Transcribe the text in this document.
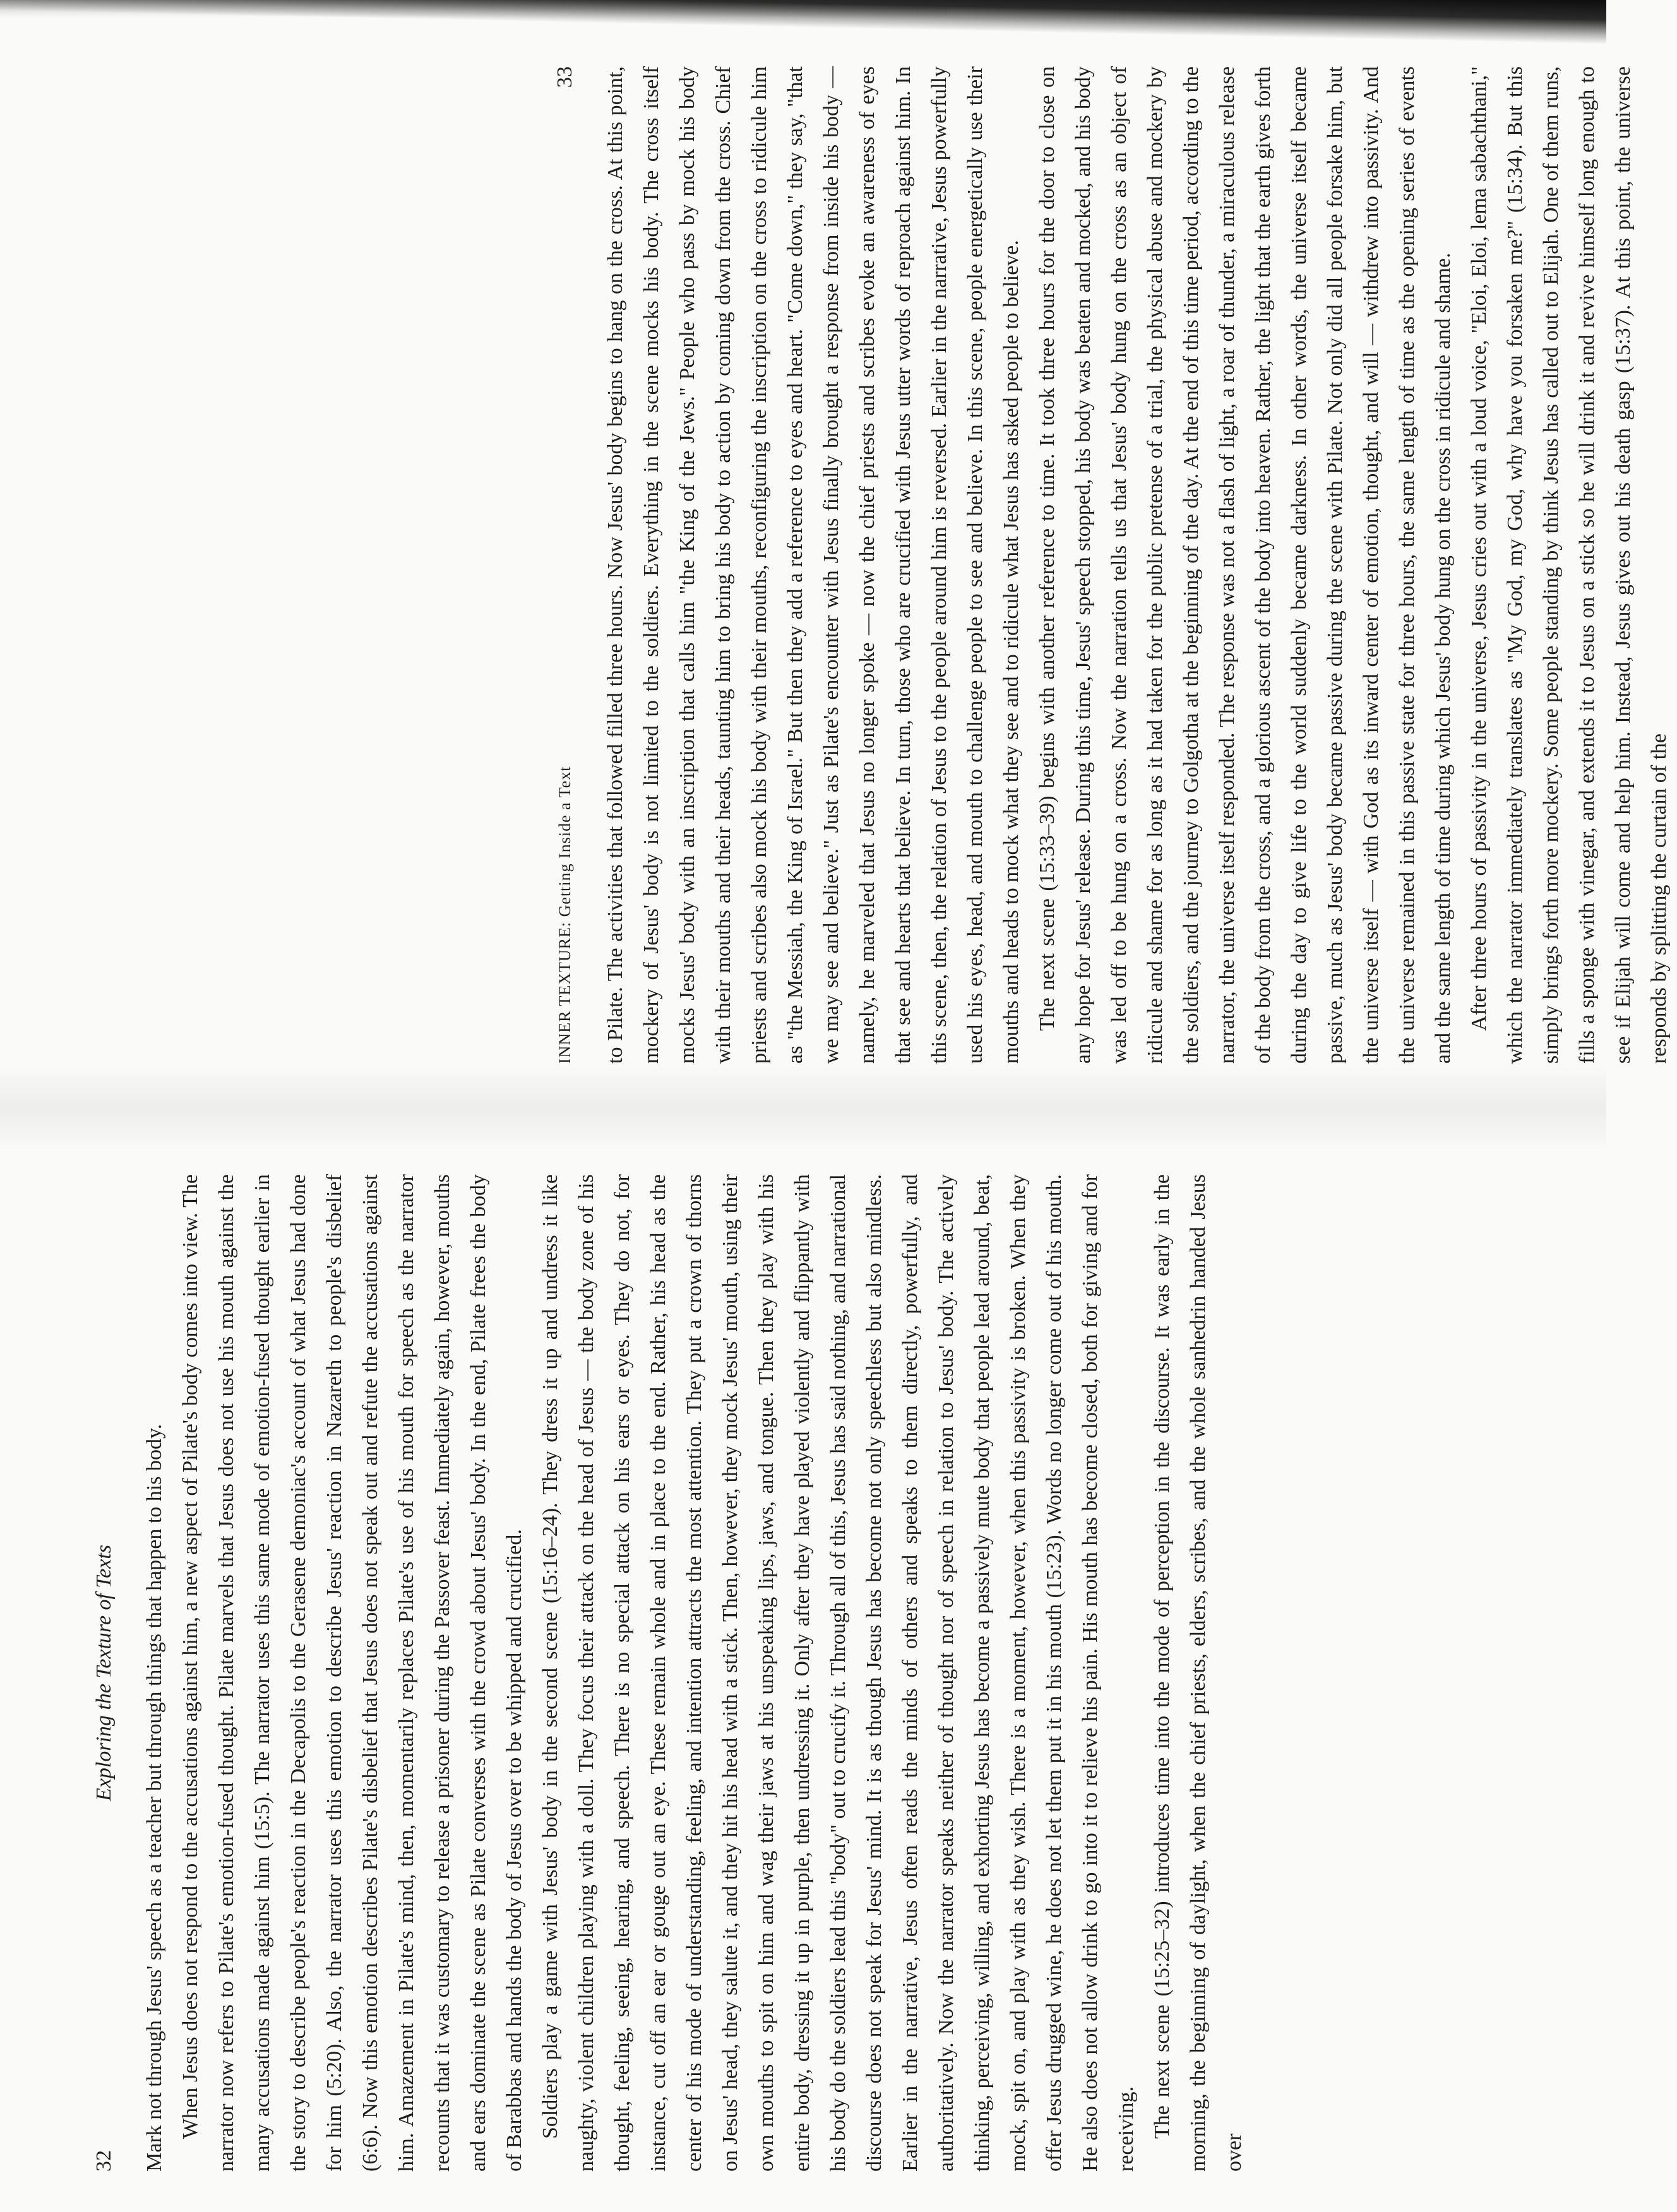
32
Exploring the Texture of Texts	Mark not through Jesus' speech as a teacher but through things that happen to his body. When Jesus does not respond to the accusations against him, a new aspect of Pilate's body comes into view. The narrator now refers to Pilate's emotion-fused thought. Pilate marvels that Jesus does not use his mouth against the many accusations made against him (15:5). The narrator uses this same mode of emotion-fused thought earlier in the story to describe people's reaction in the Decapolis to the Gerasene demoniac's account of what Jesus had done for him (5:20). Also, the narrator uses this emotion to describe Jesus' reaction in Nazareth to people's disbelief (6:6). Now this emotion describes Pilate's disbelief that Jesus does not speak out and refute the accusations against him. Amazement in Pilate's mind, then, momentarily replaces Pilate's use of his mouth for speech as the narrator recounts that it was customary to release a prisoner during the Passover feast. Immediately again, however, mouths and ears dominate the scene as Pilate converses with the crowd about Jesus' body. In the end, Pilate frees the body of Barabbas and hands the body of Jesus over to be whipped and crucified. Soldiers play a game with Jesus' body in the second scene (15:16–24). They dress it up and undress it like naughty, violent children playing with a doll. They focus their attack on the head of Jesus — the body zone of his thought, feeling, seeing, hearing, and speech. There is no special attack on his ears or eyes. They do not, for instance, cut off an ear or gouge out an eye. These remain whole and in place to the end. Rather, his head as the center of his mode of understanding, feeling, and intention attracts the most attention. They put a crown of thorns on Jesus' head, they salute it, and they hit his head with a stick. Then, however, they mock Jesus' mouth, using their own mouths to spit on him and wag their jaws at his unspeaking lips, jaws, and tongue. Then they play with his entire body, dressing it up in purple, then undressing it. Only after they have played violently and flippantly with his body do the soldiers lead this "body" out to crucify it. Through all of this, Jesus has said nothing, and narrational discourse does not speak for Jesus' mind. It is as though Jesus has become not only speechless but also mindless. Earlier in the narrative, Jesus often reads the minds of others and speaks to them directly, powerfully, and authoritatively. Now the narrator speaks neither of thought nor of speech in relation to Jesus' body. The actively thinking, perceiving, willing, and exhorting Jesus has become a passively mute body that people lead around, beat, mock, spit on, and play with as they wish. There is a moment, however, when this passivity is broken. When they offer Jesus drugged wine, he does not let them put it in his mouth (15:23). Words no longer come out of his mouth. He also does not allow drink to go into it to relieve his pain. His mouth has become closed, both for giving and for receiving. The next scene (15:25–32) introduces time into the mode of perception in the discourse. It was early in the morning, the beginning of daylight, when the chief priests, elders, scribes, and the whole sanhedrin handed Jesus over

INNER TEXTURE: Getting Inside a Text
33	to Pilate. The activities that followed filled three hours. Now Jesus' body begins to hang on the cross. At this point, mockery of Jesus' body is not limited to the soldiers. Everything in the scene mocks his body. The cross itself mocks Jesus' body with an inscription that calls him "the King of the Jews." People who pass by mock his body with their mouths and their heads, taunting him to bring his body to action by coming down from the cross. Chief priests and scribes also mock his body with their mouths, reconfiguring the inscription on the cross to ridicule him as "the Messiah, the King of Israel." But then they add a reference to eyes and heart. "Come down," they say, "that we may see and believe." Just as Pilate's encounter with Jesus finally brought a response from inside his body — namely, he marveled that Jesus no longer spoke — now the chief priests and scribes evoke an awareness of eyes that see and hearts that believe. In turn, those who are crucified with Jesus utter words of reproach against him. In this scene, then, the relation of Jesus to the people around him is reversed. Earlier in the narrative, Jesus powerfully used his eyes, head, and mouth to challenge people to see and believe. In this scene, people energetically use their mouths and heads to mock what they see and to ridicule what Jesus has asked people to believe. The next scene (15:33–39) begins with another reference to time. It took three hours for the door to close on any hope for Jesus' release. During this time, Jesus' speech stopped, his body was beaten and mocked, and his body was led off to be hung on a cross. Now the narration tells us that Jesus' body hung on the cross as an object of ridicule and shame for as long as it had taken for the public pretense of a trial, the physical abuse and mockery by the soldiers, and the journey to Golgotha at the beginning of the day. At the end of this time period, according to the narrator, the universe itself responded. The response was not a flash of light, a roar of thunder, a miraculous release of the body from the cross, and a glorious ascent of the body into heaven. Rather, the light that the earth gives forth during the day to give life to the world suddenly became darkness. In other words, the universe itself became passive, much as Jesus' body became passive during the scene with Pilate. Not only did all people forsake him, but the universe itself — with God as its inward center of emotion, thought, and will — withdrew into passivity. And the universe remained in this passive state for three hours, the same length of time as the opening series of events and the same length of time during which Jesus' body hung on the cross in ridicule and shame. After three hours of passivity in the universe, Jesus cries out with a loud voice, "Eloi, Eloi, lema sabachthani," which the narrator immediately translates as "My God, my God, why have you forsaken me?" (15:34). But this simply brings forth more mockery. Some people standing by think Jesus has called out to Elijah. One of them runs, fills a sponge with vinegar, and extends it to Jesus on a stick so he will drink it and revive himself long enough to see if Elijah will come and help him. Instead, Jesus gives out his death gasp (15:37). At this point, the universe responds by splitting the curtain of the
